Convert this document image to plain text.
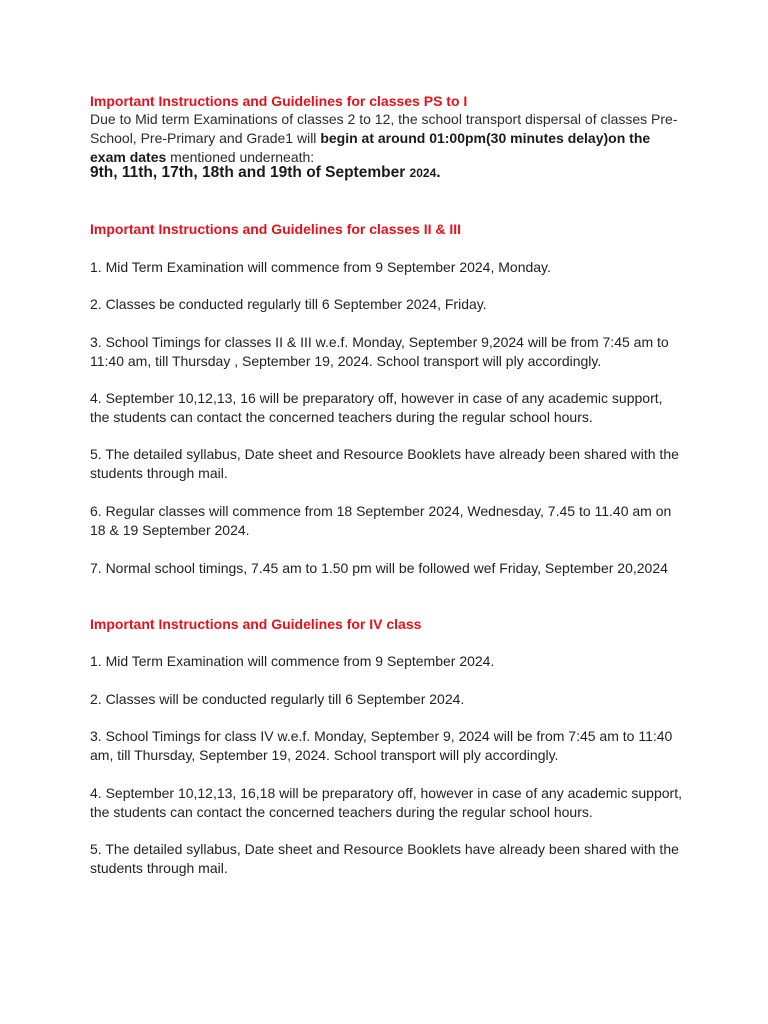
Important Instructions and Guidelines for classes PS to I

Due to Mid term Examinations of classes 2 to 12, the school transport dispersal of classes Pre-School, Pre-Primary and Grade1 will begin at around 01:00pm(30 minutes delay)on the exam dates mentioned underneath:

9th, 11th, 17th, 18th and 19th of September 2024.

Important Instructions and Guidelines for classes II & III

1. Mid Term Examination will commence from 9 September 2024, Monday.

2. Classes be conducted regularly till 6 September 2024, Friday.

3. School Timings for classes II & III w.e.f. Monday, September 9,2024 will be from 7:45 am to 11:40 am, till Thursday , September 19, 2024. School transport will ply accordingly.

4. September 10,12,13, 16 will be preparatory off, however in case of any academic support, the students can contact the concerned teachers during the regular school hours.

5. The detailed syllabus, Date sheet and Resource Booklets have already been shared with the students through mail.

6. Regular classes will commence from 18 September 2024, Wednesday, 7.45 to 11.40 am on 18 & 19 September 2024.

7. Normal school timings, 7.45 am to 1.50 pm will be followed wef Friday, September 20,2024

Important Instructions and Guidelines for IV class

1. Mid Term Examination will commence from 9 September 2024.

2. Classes will be conducted regularly till 6 September 2024.

3. School Timings for class IV w.e.f. Monday, September 9, 2024 will be from 7:45 am to 11:40 am, till Thursday, September 19, 2024. School transport will ply accordingly.

4. September 10,12,13, 16,18 will be preparatory off, however in case of any academic support, the students can contact the concerned teachers during the regular school hours.

5. The detailed syllabus, Date sheet and Resource Booklets have already been shared with the students through mail.
